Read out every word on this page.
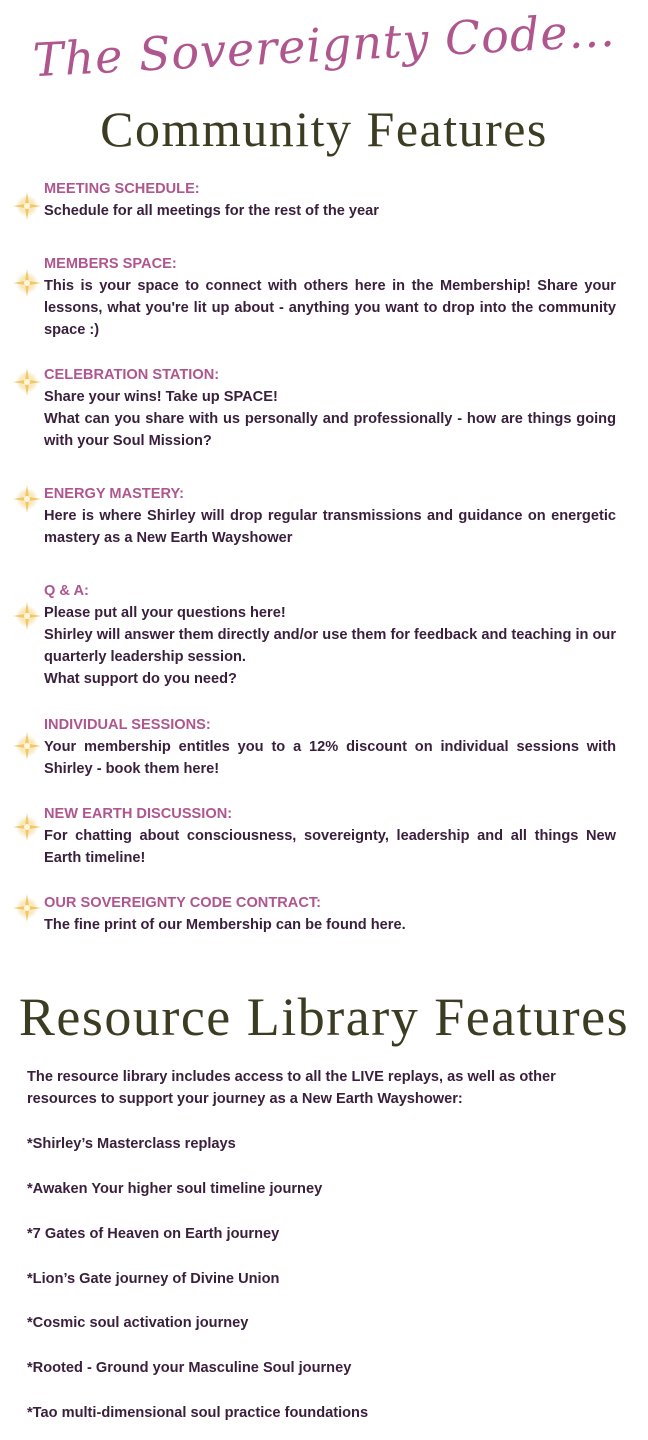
The Sovereignty Code...
Community Features
MEETING SCHEDULE:
Schedule for all meetings for the rest of the year
MEMBERS SPACE:
This is your space to connect with others here in the Membership! Share your lessons, what you're lit up about - anything you want to drop into the community space :)
CELEBRATION STATION:
Share your wins! Take up SPACE!
What can you share with us personally and professionally - how are things going with your Soul Mission?
ENERGY MASTERY:
Here is where Shirley will drop regular transmissions and guidance on energetic mastery as a New Earth Wayshower
Q & A:
Please put all your questions here!
Shirley will answer them directly and/or use them for feedback and teaching in our quarterly leadership session.
What support do you need?
INDIVIDUAL SESSIONS:
Your membership entitles you to a 12% discount on individual sessions with Shirley - book them here!
NEW EARTH DISCUSSION:
For chatting about consciousness, sovereignty, leadership and all things New Earth timeline!
OUR SOVEREIGNTY CODE CONTRACT:
The fine print of our Membership can be found here.
Resource Library Features
The resource library includes access to all the LIVE replays, as well as other resources to support your journey as a New Earth Wayshower:
*Shirley’s Masterclass replays
*Awaken Your higher soul timeline journey
*7 Gates of Heaven on Earth journey
*Lion’s Gate journey of Divine Union
*Cosmic soul activation journey
*Rooted - Ground your Masculine Soul journey
*Tao multi-dimensional soul practice foundations
